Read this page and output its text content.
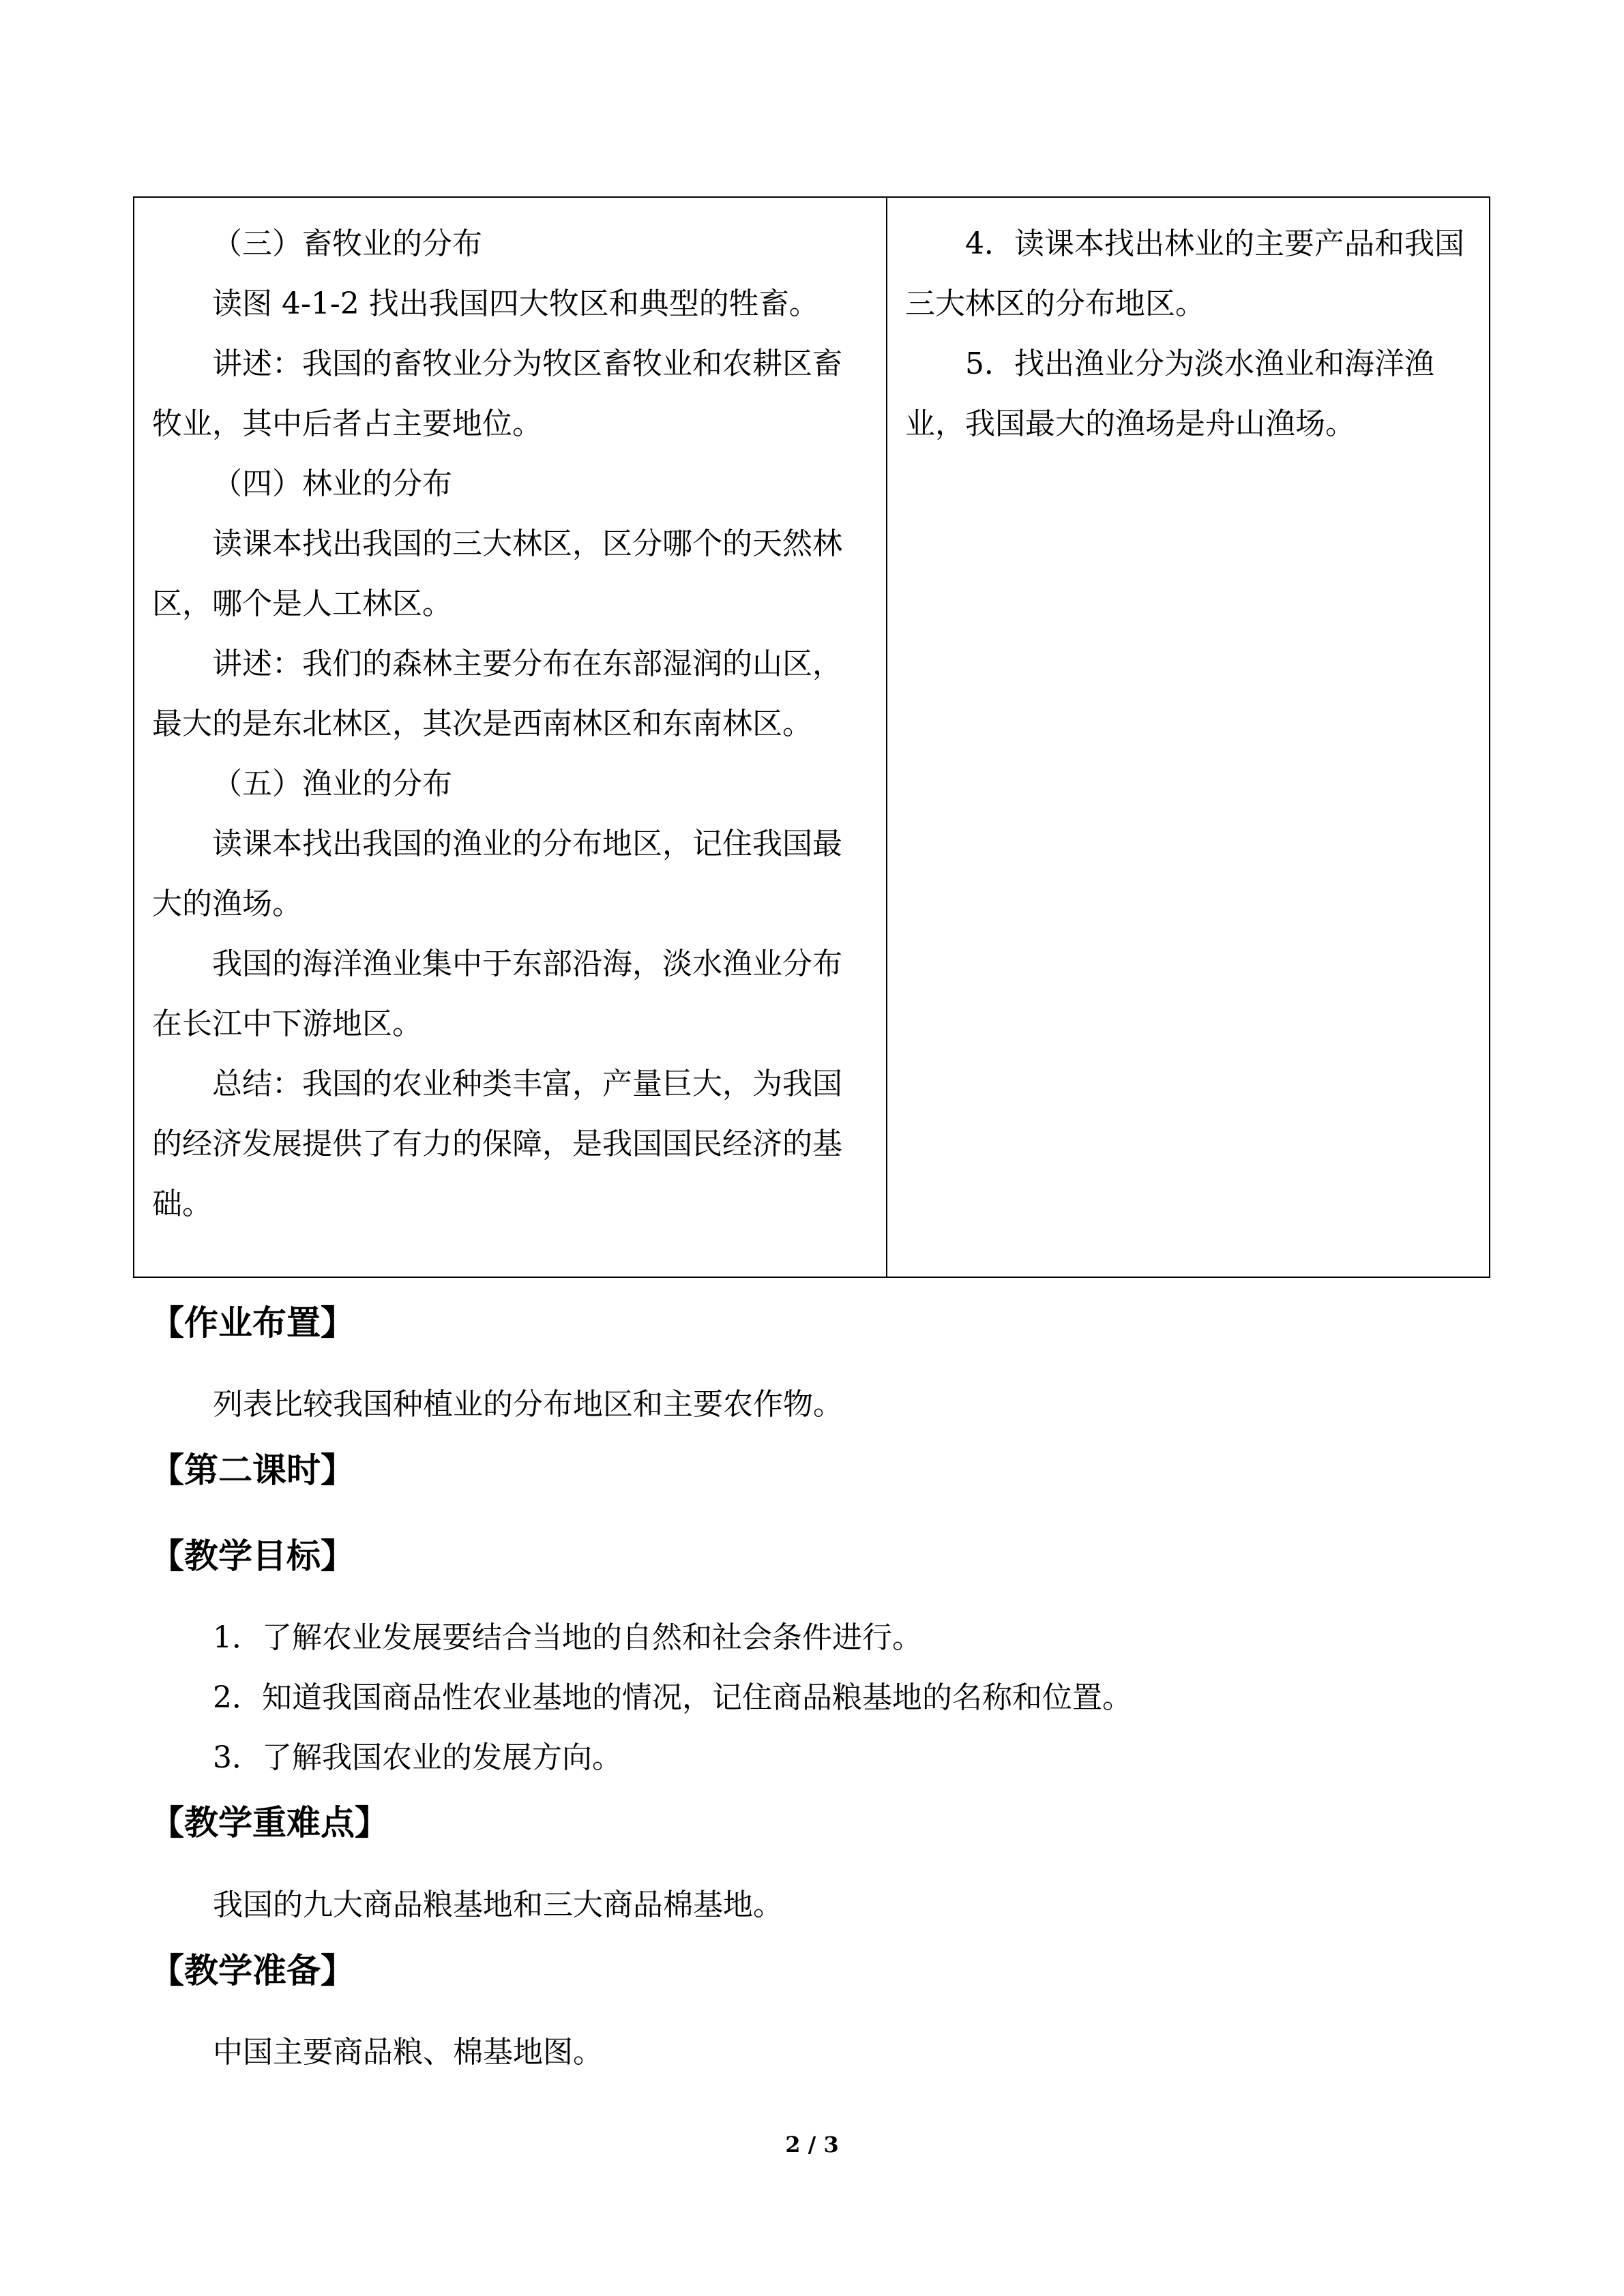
（三）畜牧业的分布

读图 4-1-2 找出我国四大牧区和典型的牲畜。

讲述：我国的畜牧业分为牧区畜牧业和农耕区畜牧业，其中后者占主要地位。

（四）林业的分布

读课本找出我国的三大林区，区分哪个的天然林区，哪个是人工林区。

讲述：我们的森林主要分布在东部湿润的山区，最大的是东北林区，其次是西南林区和东南林区。

（五）渔业的分布

读课本找出我国的渔业的分布地区，记住我国最大的渔场。

我国的海洋渔业集中于东部沿海，淡水渔业分布在长江中下游地区。

总结：我国的农业种类丰富，产量巨大，为我国的经济发展提供了有力的保障，是我国国民经济的基础。

4．读课本找出林业的主要产品和我国三大林区的分布地区。

5．找出渔业分为淡水渔业和海洋渔业，我国最大的渔场是舟山渔场。

【作业布置】

列表比较我国种植业的分布地区和主要农作物。

【第二课时】

【教学目标】

1．了解农业发展要结合当地的自然和社会条件进行。

2．知道我国商品性农业基地的情况，记住商品粮基地的名称和位置。

3．了解我国农业的发展方向。

【教学重难点】

我国的九大商品粮基地和三大商品棉基地。

【教学准备】

中国主要商品粮、棉基地图。

2 / 3
